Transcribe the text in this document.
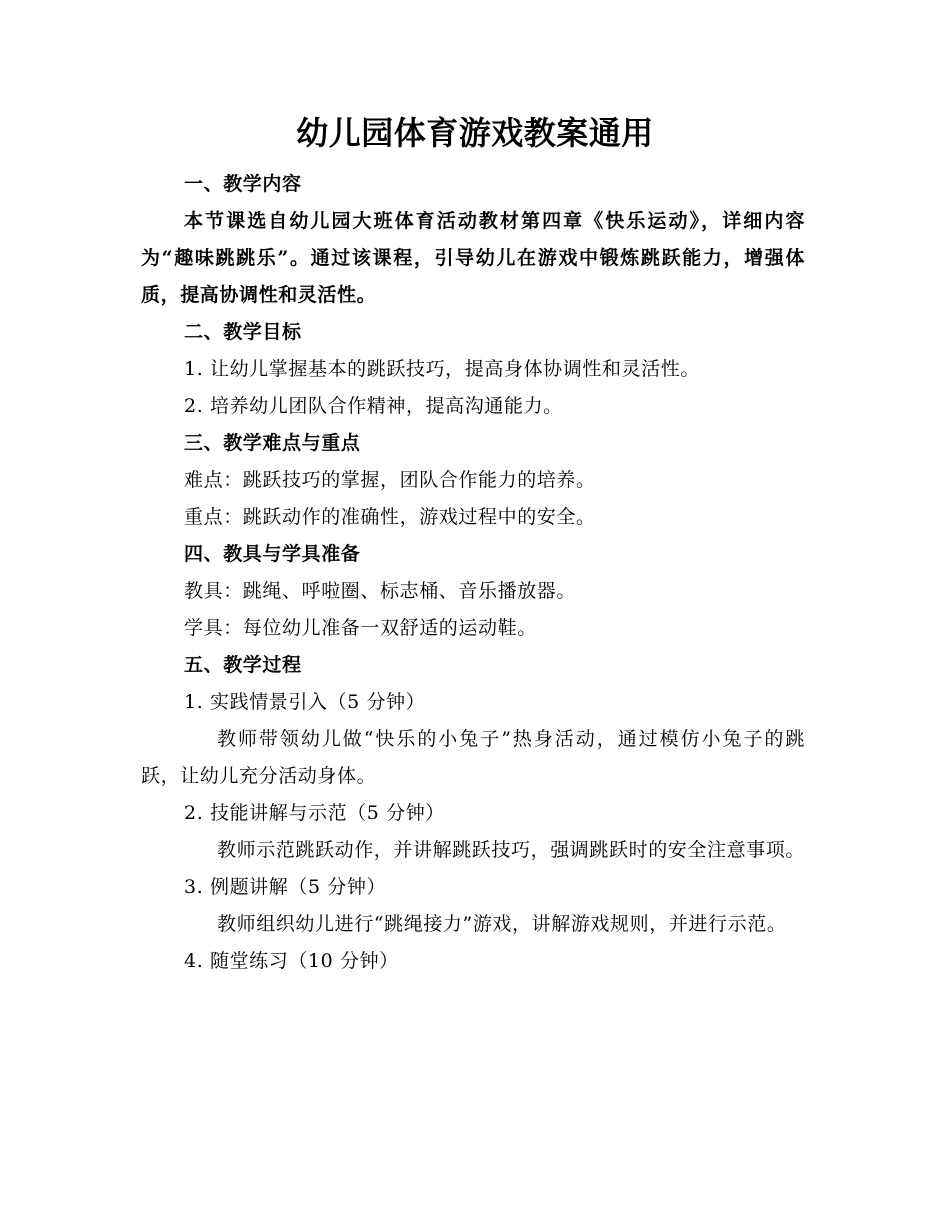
幼儿园体育游戏教案通用
一、教学内容
本节课选自幼儿园大班体育活动教材第四章《快乐运动》，详细内容为“趣味跳跳乐”。通过该课程，引导幼儿在游戏中锻炼跳跃能力，增强体质，提高协调性和灵活性。
二、教学目标
1. 让幼儿掌握基本的跳跃技巧，提高身体协调性和灵活性。
2. 培养幼儿团队合作精神，提高沟通能力。
三、教学难点与重点
难点：跳跃技巧的掌握，团队合作能力的培养。
重点：跳跃动作的准确性，游戏过程中的安全。
四、教具与学具准备
教具：跳绳、呼啦圈、标志桶、音乐播放器。
学具：每位幼儿准备一双舒适的运动鞋。
五、教学过程
1. 实践情景引入（5 分钟）
教师带领幼儿做“快乐的小兔子”热身活动，通过模仿小兔子的跳跃，让幼儿充分活动身体。
2. 技能讲解与示范（5 分钟）
教师示范跳跃动作，并讲解跳跃技巧，强调跳跃时的安全注意事项。
3. 例题讲解（5 分钟）
教师组织幼儿进行“跳绳接力”游戏，讲解游戏规则，并进行示范。
4. 随堂练习（10 分钟）
